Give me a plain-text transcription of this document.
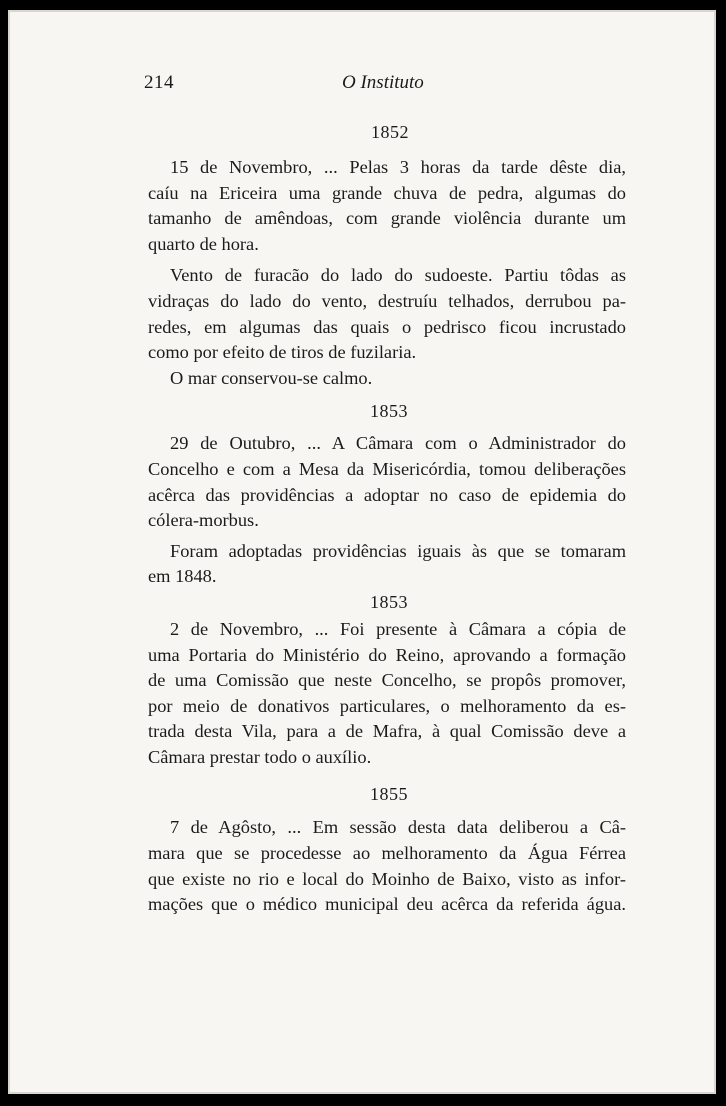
214	O Instituto

1852

15 de Novembro, ... Pelas 3 horas da tarde dêste dia,
caíu na Ericeira uma grande chuva de pedra, algumas do
tamanho de amêndoas, com grande violência durante um
quarto de hora.

Vento de furacão do lado do sudoeste. Partiu tôdas as
vidraças do lado do vento, destruíu telhados, derrubou pa-
redes, em algumas das quais o pedrisco ficou incrustado
como por efeito de tiros de fuzilaria.

O mar conservou-se calmo.

1853

29 de Outubro, ... A Câmara com o Administrador do
Concelho e com a Mesa da Misericórdia, tomou deliberações
acêrca das providências a adoptar no caso de epidemia do
cólera-morbus.

Foram adoptadas providências iguais às que se tomaram
em 1848.

1853

2 de Novembro, ... Foi presente à Câmara a cópia de
uma Portaria do Ministério do Reino, aprovando a formação
de uma Comissão que neste Concelho, se propôs promover,
por meio de donativos particulares, o melhoramento da es-
trada desta Vila, para a de Mafra, à qual Comissão deve a
Câmara prestar todo o auxílio.

1855

7 de Agôsto, ... Em sessão desta data deliberou a Câ-
mara que se procedesse ao melhoramento da Água Férrea
que existe no rio e local do Moinho de Baixo, visto as infor-
mações que o médico municipal deu acêrca da referida água.
